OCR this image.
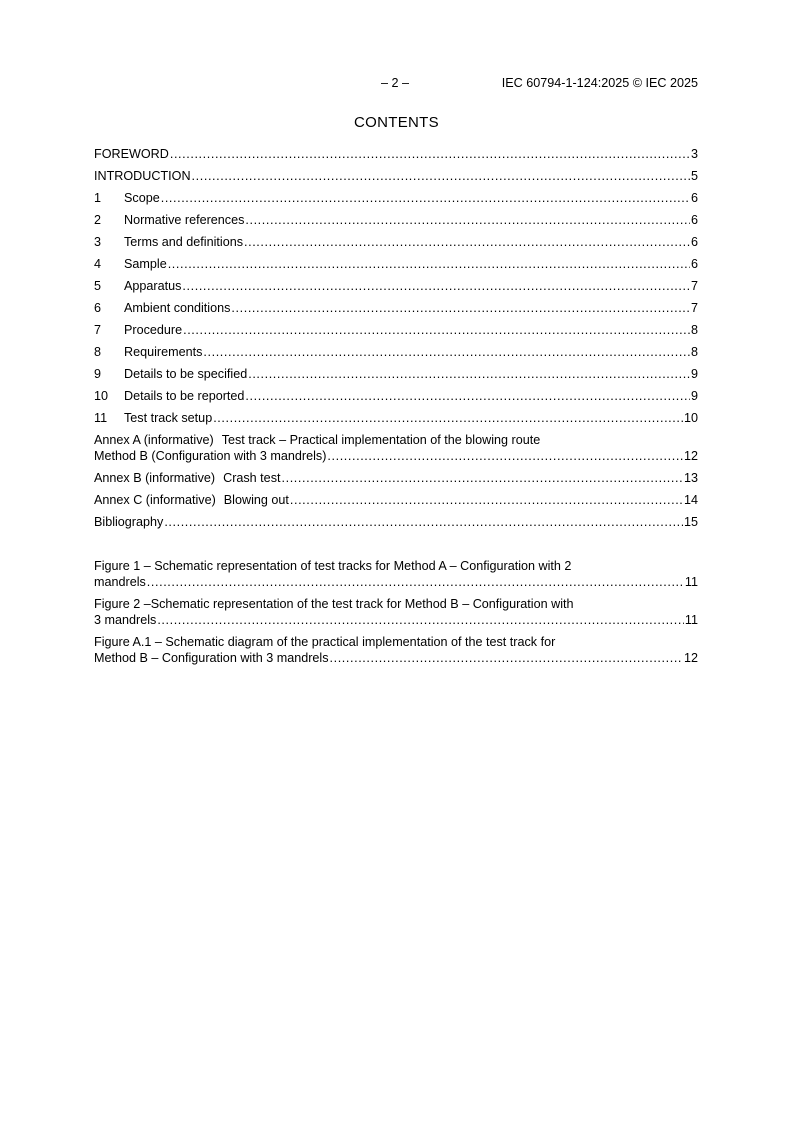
– 2 –	IEC 60794-1-124:2025 © IEC 2025
CONTENTS
FOREWORD .....	3
INTRODUCTION .....	5
1	Scope .....	6
2	Normative references .....	6
3	Terms and definitions .....	6
4	Sample .....	6
5	Apparatus .....	7
6	Ambient conditions .....	7
7	Procedure .....	8
8	Requirements .....	8
9	Details to be specified .....	9
10	Details to be reported .....	9
11	Test track setup .....	10
Annex A (informative) Test track – Practical implementation of the blowing route
Method B (Configuration with 3 mandrels) .....	12
Annex B (informative) Crash test .....	13
Annex C (informative) Blowing out .....	14
Bibliography .....	15
Figure 1 – Schematic representation of test tracks for Method A – Configuration with 2
mandrels .....	11
Figure 2 –Schematic representation of the test track for Method B – Configuration with
3 mandrels .....	11
Figure A.1 – Schematic diagram of the practical implementation of the test track for
Method B – Configuration with 3 mandrels .....	12
